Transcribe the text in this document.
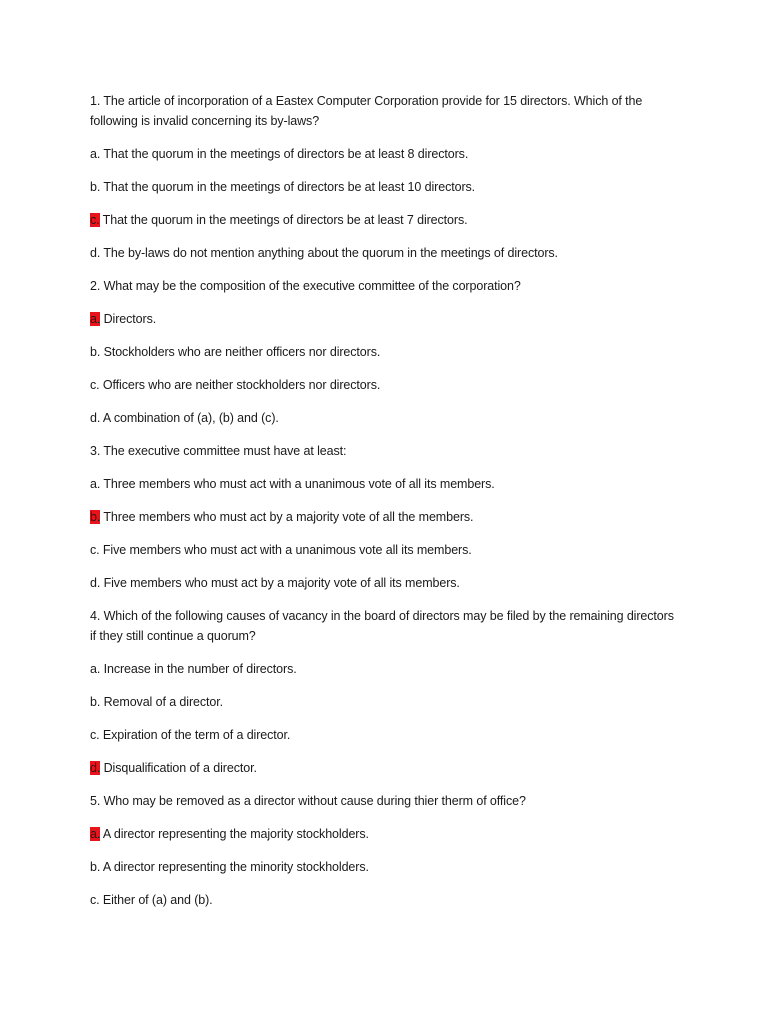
1. The article of incorporation of a Eastex Computer Corporation provide for 15 directors. Which of the following is invalid concerning its by-laws?

a. That the quorum in the meetings of directors be at least 8 directors.

b. That the quorum in the meetings of directors be at least 10 directors.

c. That the quorum in the meetings of directors be at least 7 directors.

d. The by-laws do not mention anything about the quorum in the meetings of directors.

2. What may be the composition of the executive committee of the corporation?

a. Directors.

b. Stockholders who are neither officers nor directors.

c. Officers who are neither stockholders nor directors.

d. A combination of (a), (b) and (c).

3. The executive committee must have at least:

a. Three members who must act with a unanimous vote of all its members.

b. Three members who must act by a majority vote of all the members.

c. Five members who must act with a unanimous vote all its members.

d. Five members who must act by a majority vote of all its members.

4. Which of the following causes of vacancy in the board of directors may be filed by the remaining directors if they still continue a quorum?

a. Increase in the number of directors.

b. Removal of a director.

c. Expiration of the term of a director.

d. Disqualification of a director.

5. Who may be removed as a director without cause during thier therm of office?

a. A director representing the majority stockholders.

b. A director representing the minority stockholders.

c. Either of (a) and (b).
